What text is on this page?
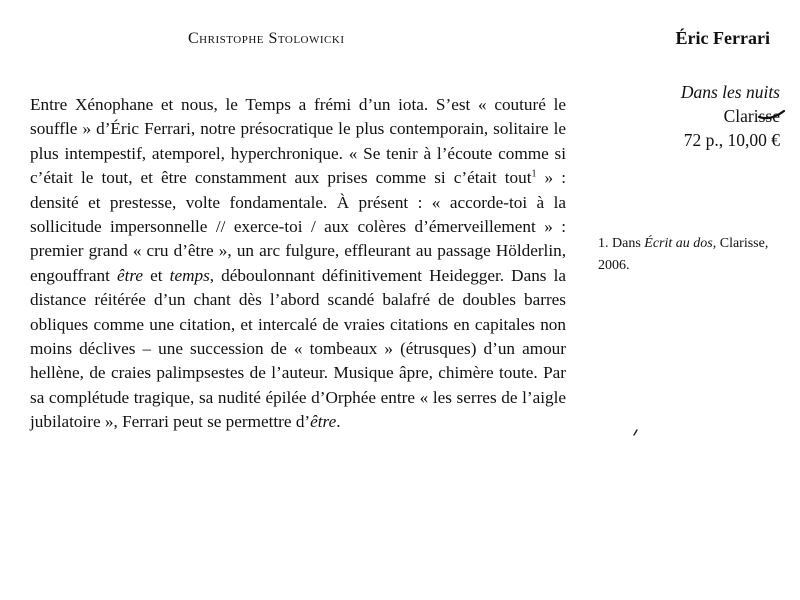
Christophe Stolowicki
Entre Xénophane et nous, le Temps a frémi d’un iota. S’est « couturé le souffle » d’Éric Ferrari, notre présocratique le plus contemporain, solitaire le plus intempestif, atemporel, hyperchronique. « Se tenir à l’écoute comme si c’était le tout, et être constamment aux prises comme si c’était tout$^1$ » : densité et prestesse, volte fondamentale. À présent : « accorde-toi à la sollicitude impersonnelle // exerce-toi / aux colères d’émerveillement » : premier grand « cru d’être », un arc fulgure, effleurant au passage Hölderlin, engouffrant être et temps, déboulonnant définitivement Heidegger. Dans la distance réitérée d’un chant dès l’abord scandé balafré de doubles barres obliques comme une citation, et intercalé de vraies citations en capitales non moins déclives – une succession de « tombeaux » (étrusques) d’un amour hellène, de craies palimpsestes de l’auteur. Musique âpre, chimère toute. Par sa complétude tragique, sa nudité épilée d’Orphée entre « les serres de l’aigle jubilatoire », Ferrari peut se permettre d’être.
Éric Ferrari
Dans les nuits
Clarisse
72 p., 10,00 €
1. Dans Écrit au dos, Clarisse, 2006.
